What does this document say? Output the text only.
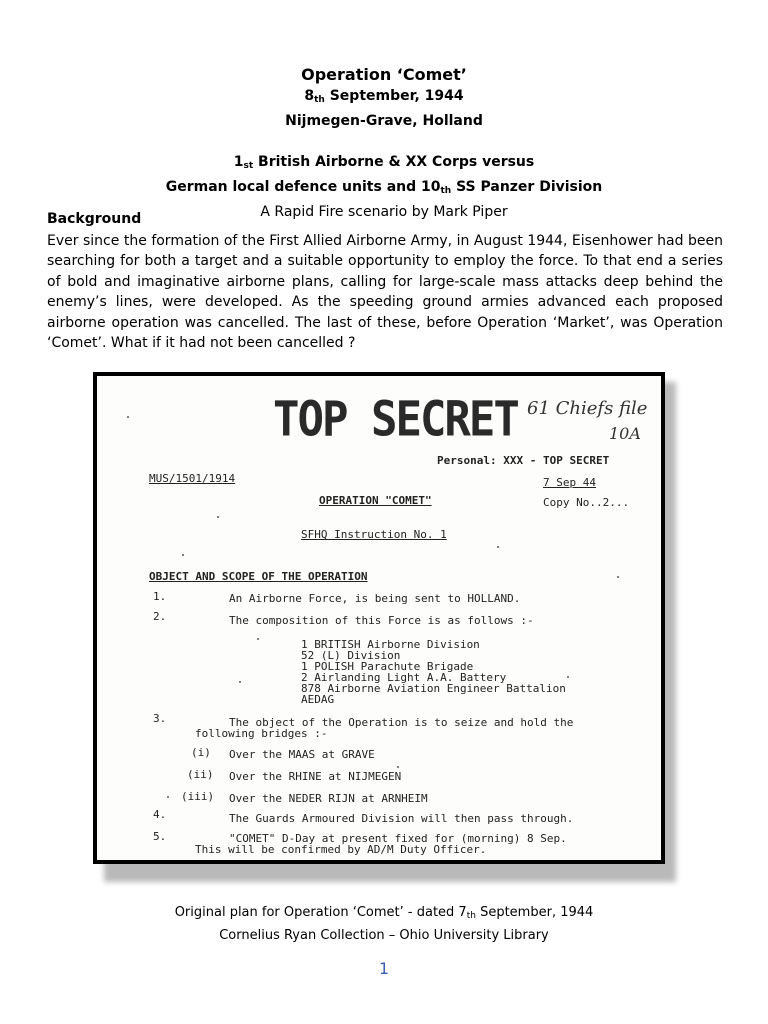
Operation ‘Comet’
$8_{th}$ September, 1944
Nijmegen-Grave, Holland
$1_{st}$ British Airborne & XX Corps versus
German local defence units and $10_{th}$ SS Panzer Division
A Rapid Fire scenario by Mark Piper
Background
Ever since the formation of the First Allied Airborne Army, in August 1944, Eisenhower had been searching for both a target and a suitable opportunity to employ the force. To that end a series of bold and imaginative airborne plans, calling for large-scale mass attacks deep behind the enemy’s lines, were developed. As the speeding ground armies advanced each proposed airborne operation was cancelled. The last of these, before Operation ‘Market’, was Operation ‘Comet’. What if it had not been cancelled ?
TOP SECRET 61 Chiefs file
10A
Personal: XXX - TOP SECRET
MUS/1501/1914	7 Sep 44
Copy No..2...
OPERATION "COMET"
SFHQ Instruction No. 1
OBJECT AND SCOPE OF THE OPERATION
1.	An Airborne Force, is being sent to HOLLAND.
2.	The composition of this Force is as follows :-
1 BRITISH Airborne Division
52 (L) Division
1 POLISH Parachute Brigade
2 Airlanding Light A.A. Battery
878 Airborne Aviation Engineer Battalion
AEDAG
3.	The object of the Operation is to seize and hold the
following bridges :-
(i) Over the MAAS at GRAVE
(ii) Over the RHINE at NIJMEGEN
(iii) Over the NEDER RIJN at ARNHEIM
4.	The Guards Armoured Division will then pass through.
5.	"COMET" D-Day at present fixed for (morning) 8 Sep.
This will be confirmed by AD/M Duty Officer.
Original plan for Operation ‘Comet’ - dated $7_{th}$ September, 1944
Cornelius Ryan Collection – Ohio University Library
1
